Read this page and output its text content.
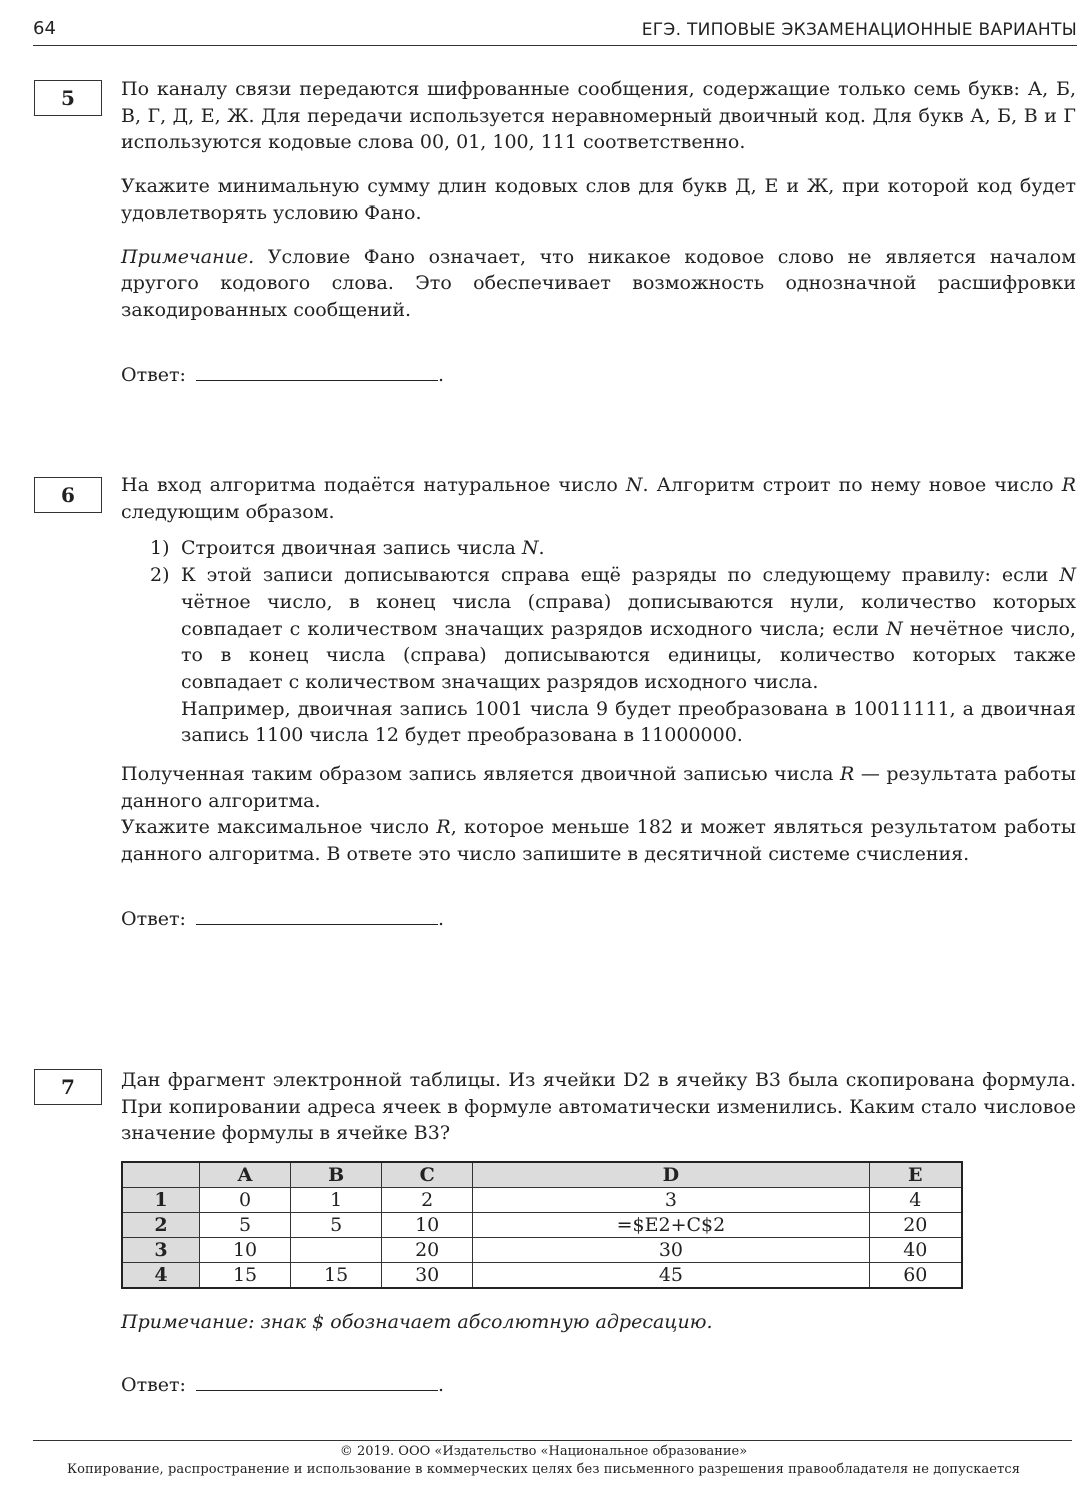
64	ЕГЭ. ТИПОВЫЕ ЭКЗАМЕНАЦИОННЫЕ ВАРИАНТЫ
5	По каналу связи передаются шифрованные сообщения, содержащие только семь букв: А, Б, В, Г, Д, Е, Ж. Для передачи используется неравномерный двоичный код. Для букв А, Б, В и Г используются кодовые слова 00, 01, 100, 111 соответственно.

Укажите минимальную сумму длин кодовых слов для букв Д, Е и Ж, при которой код будет удовлетворять условию Фано.

Примечание. Условие Фано означает, что никакое кодовое слово не является началом другого кодового слова. Это обеспечивает возможность однозначной расшифровки закодированных сообщений.

Ответ:	.
6	На вход алгоритма подаётся натуральное число N. Алгоритм строит по нему новое число R следующим образом.

1) Строится двоичная запись числа N.
2) К этой записи дописываются справа ещё разряды по следующему правилу: если N чётное число, в конец числа (справа) дописываются нули, количество которых совпадает с количеством значащих разрядов исходного числа; если N нечётное число, то в конец числа (справа) дописываются единицы, количество которых также совпадает с количеством значащих разрядов исходного числа.
Например, двоичная запись 1001 числа 9 будет преобразована в 10011111, а двоичная запись 1100 числа 12 будет преобразована в 11000000.

Полученная таким образом запись является двоичной записью числа R — результата работы данного алгоритма.

Укажите максимальное число R, которое меньше 182 и может являться результатом работы данного алгоритма. В ответе это число запишите в десятичной системе счисления.

Ответ:	.
7	Дан фрагмент электронной таблицы. Из ячейки D2 в ячейку B3 была скопирована формула. При копировании адреса ячеек в формуле автоматически изменились. Каким стало числовое значение формулы в ячейке B3?

	A	B	C	D	E
1	0	1	2	3	4
2	5	5	10	=$E2+C$2	20
3	10		20	30	40
4	15	15	30	45	60

Примечание: знак $ обозначает абсолютную адресацию.

Ответ:	.
© 2019. ООО «Издательство «Национальное образование»
Копирование, распространение и использование в коммерческих целях без письменного разрешения правообладателя не допускается
